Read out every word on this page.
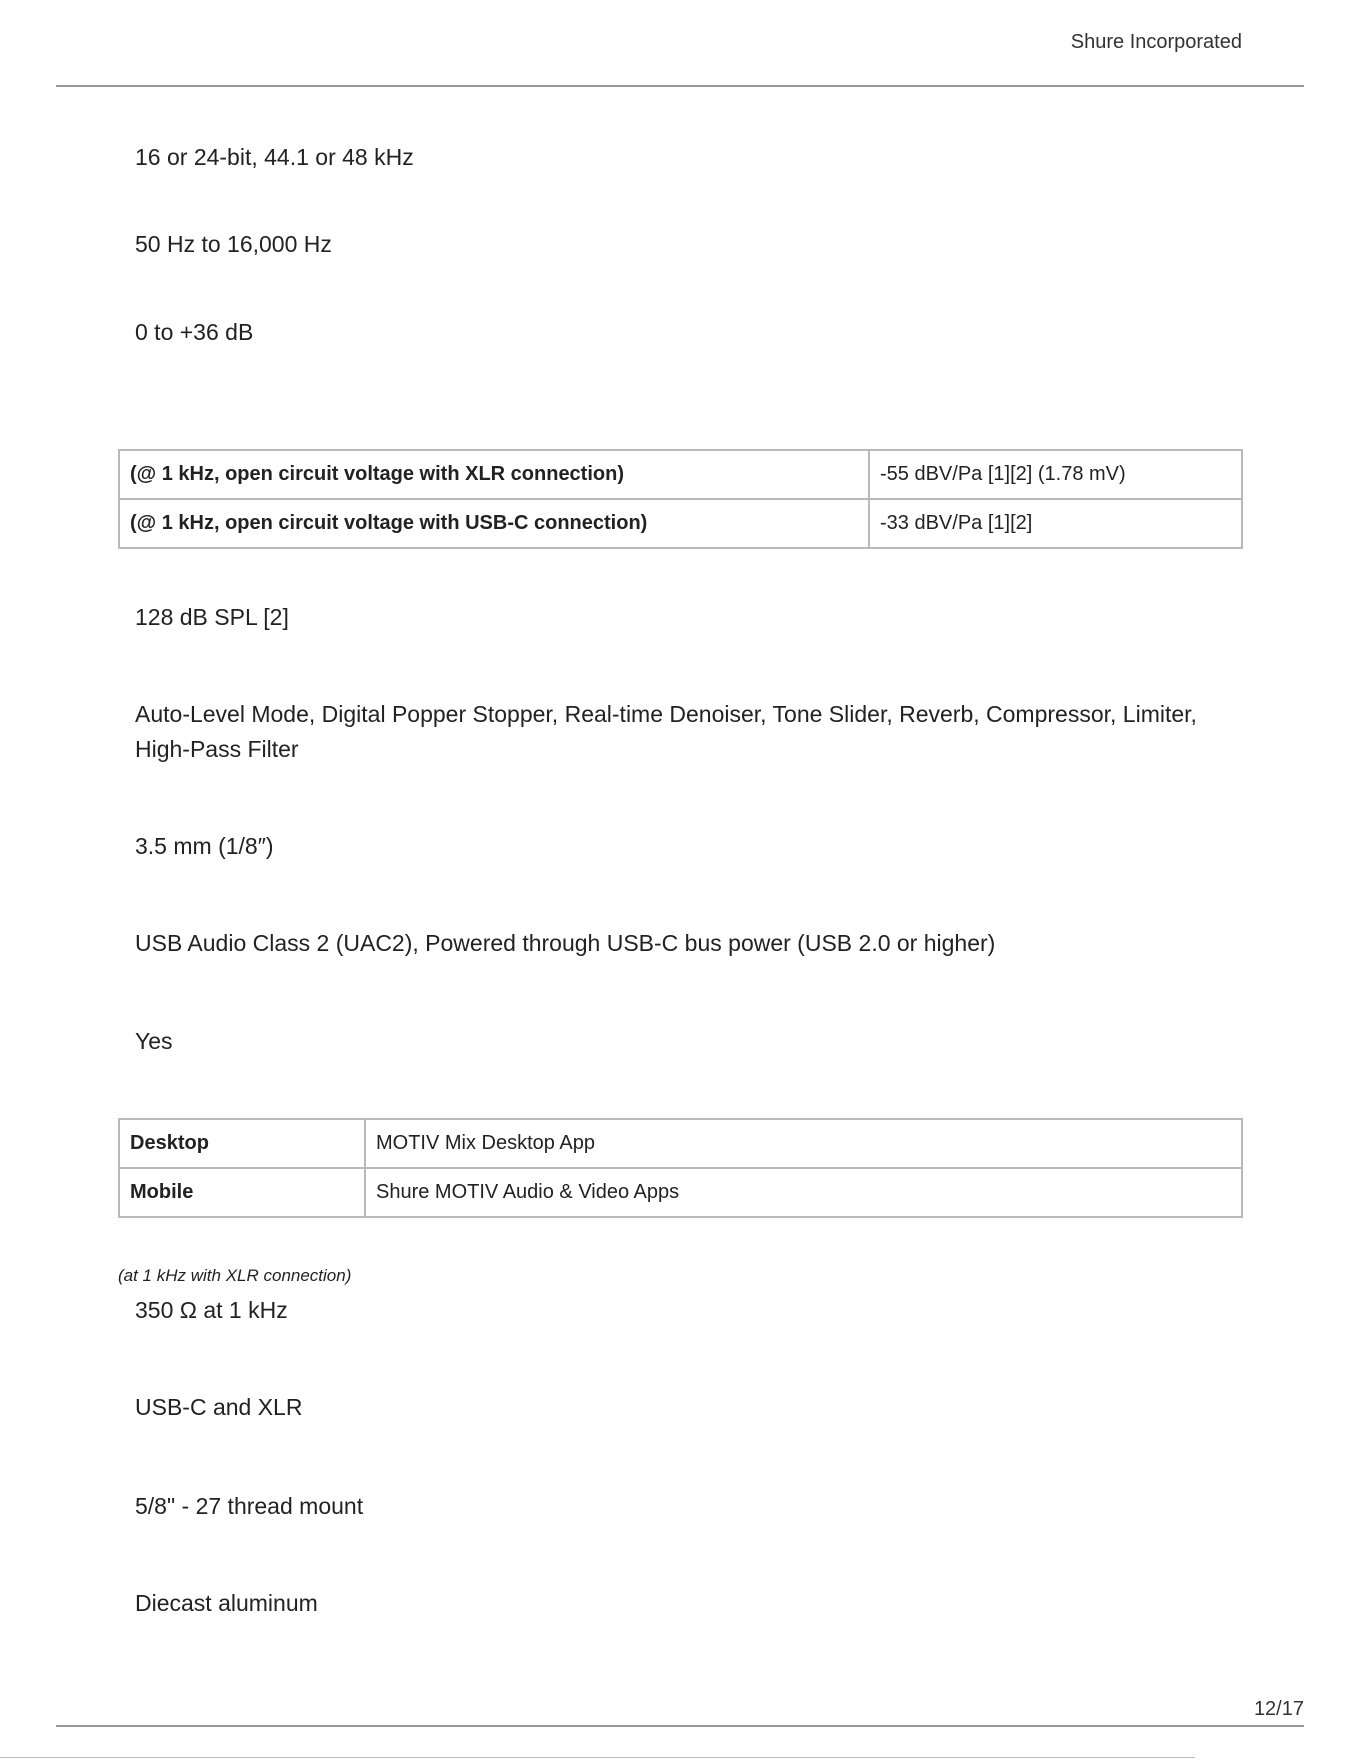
Shure Incorporated
16 or 24-bit, 44.1 or 48 kHz
50 Hz to 16,000 Hz
0 to +36 dB
(@ 1 kHz, open circuit voltage with XLR connection)	-55 dBV/Pa [1][2] (1.78 mV)
(@ 1 kHz, open circuit voltage with USB-C connection)	-33 dBV/Pa [1][2]
128 dB SPL [2]
Auto-Level Mode, Digital Popper Stopper, Real-time Denoiser, Tone Slider, Reverb, Compressor, Limiter, High-Pass Filter
3.5 mm (1/8″)
USB Audio Class 2 (UAC2), Powered through USB-C bus power (USB 2.0 or higher)
Yes
Desktop	MOTIV Mix Desktop App
Mobile	Shure MOTIV Audio & Video Apps
(at 1 kHz with XLR connection)
350 Ω at 1 kHz
USB-C and XLR
5/8" - 27 thread mount
Diecast aluminum
12/17
